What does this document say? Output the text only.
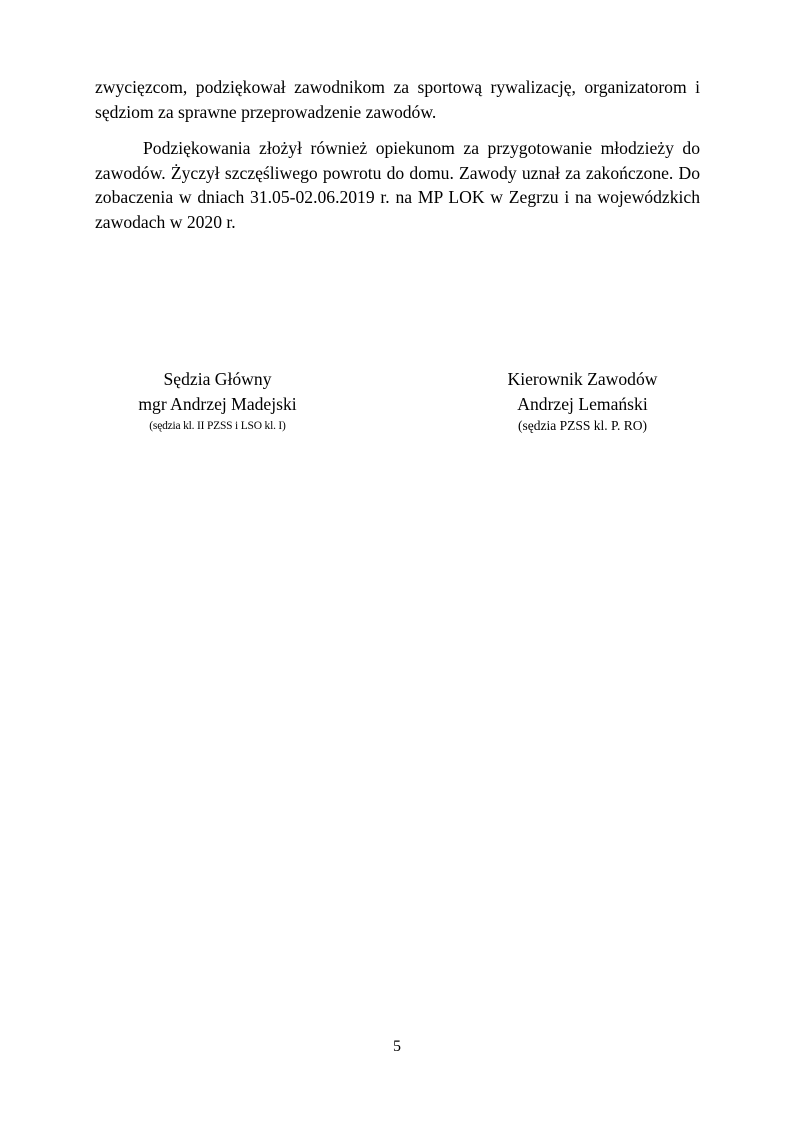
zwycięzcom, podziękował zawodnikom za sportową rywalizację, organizatorom i sędziom za sprawne przeprowadzenie zawodów.

Podziękowania złożył również opiekunom za przygotowanie młodzieży do zawodów. Życzył szczęśliwego powrotu do domu. Zawody uznał za zakończone. Do zobaczenia w dniach 31.05-02.06.2019 r. na MP LOK w Zegrzu i na wojewódzkich zawodach w 2020 r.

Sędzia Główny
mgr Andrzej Madejski
(sędzia kl. II PZSS i LSO kl. I)
Kierownik Zawodów
Andrzej Lemański
(sędzia PZSS kl. P. RO)
5
